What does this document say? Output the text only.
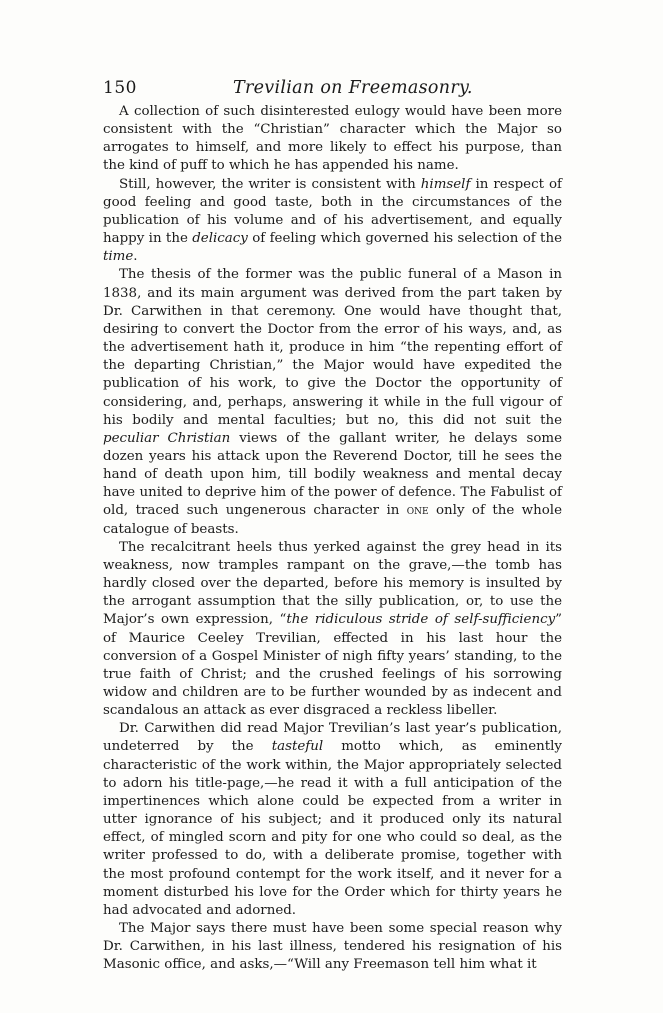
150	Trevilian on Freemasonry.

A collection of such disinterested eulogy would have been more consistent with the “Christian” character which the Major so arrogates to himself, and more likely to effect his purpose, than the kind of puff to which he has appended his name.

Still, however, the writer is consistent with himself in respect of good feeling and good taste, both in the circumstances of the publication of his volume and of his advertisement, and equally happy in the delicacy of feeling which governed his selection of the time.

The thesis of the former was the public funeral of a Mason in 1838, and its main argument was derived from the part taken by Dr. Carwithen in that ceremony. One would have thought that, desiring to convert the Doctor from the error of his ways, and, as the advertisement hath it, produce in him “the repenting effort of the departing Christian,” the Major would have expedited the publication of his work, to give the Doctor the opportunity of considering, and, perhaps, answering it while in the full vigour of his bodily and mental faculties; but no, this did not suit the peculiar Christian views of the gallant writer, he delays some dozen years his attack upon the Reverend Doctor, till he sees the hand of death upon him, till bodily weakness and mental decay have united to deprive him of the power of defence. The Fabulist of old, traced such ungenerous character in one only of the whole catalogue of beasts.

The recalcitrant heels thus yerked against the grey head in its weakness, now tramples rampant on the grave,—the tomb has hardly closed over the departed, before his memory is insulted by the arrogant assumption that the silly publication, or, to use the Major’s own expression, “the ridiculous stride of self-sufficiency” of Maurice Ceeley Trevilian, effected in his last hour the conversion of a Gospel Minister of nigh fifty years’ standing, to the true faith of Christ; and the crushed feelings of his sorrowing widow and children are to be further wounded by as indecent and scandalous an attack as ever disgraced a reckless libeller.

Dr. Carwithen did read Major Trevilian’s last year’s publication, undeterred by the tasteful motto which, as eminently characteristic of the work within, the Major appropriately selected to adorn his title-page,—he read it with a full anticipation of the impertinences which alone could be expected from a writer in utter ignorance of his subject; and it produced only its natural effect, of mingled scorn and pity for one who could so deal, as the writer professed to do, with a deliberate promise, together with the most profound contempt for the work itself, and it never for a moment disturbed his love for the Order which for thirty years he had advocated and adorned.

The Major says there must have been some special reason why Dr. Carwithen, in his last illness, tendered his resignation of his Masonic office, and asks,—“Will any Freemason tell him what it
